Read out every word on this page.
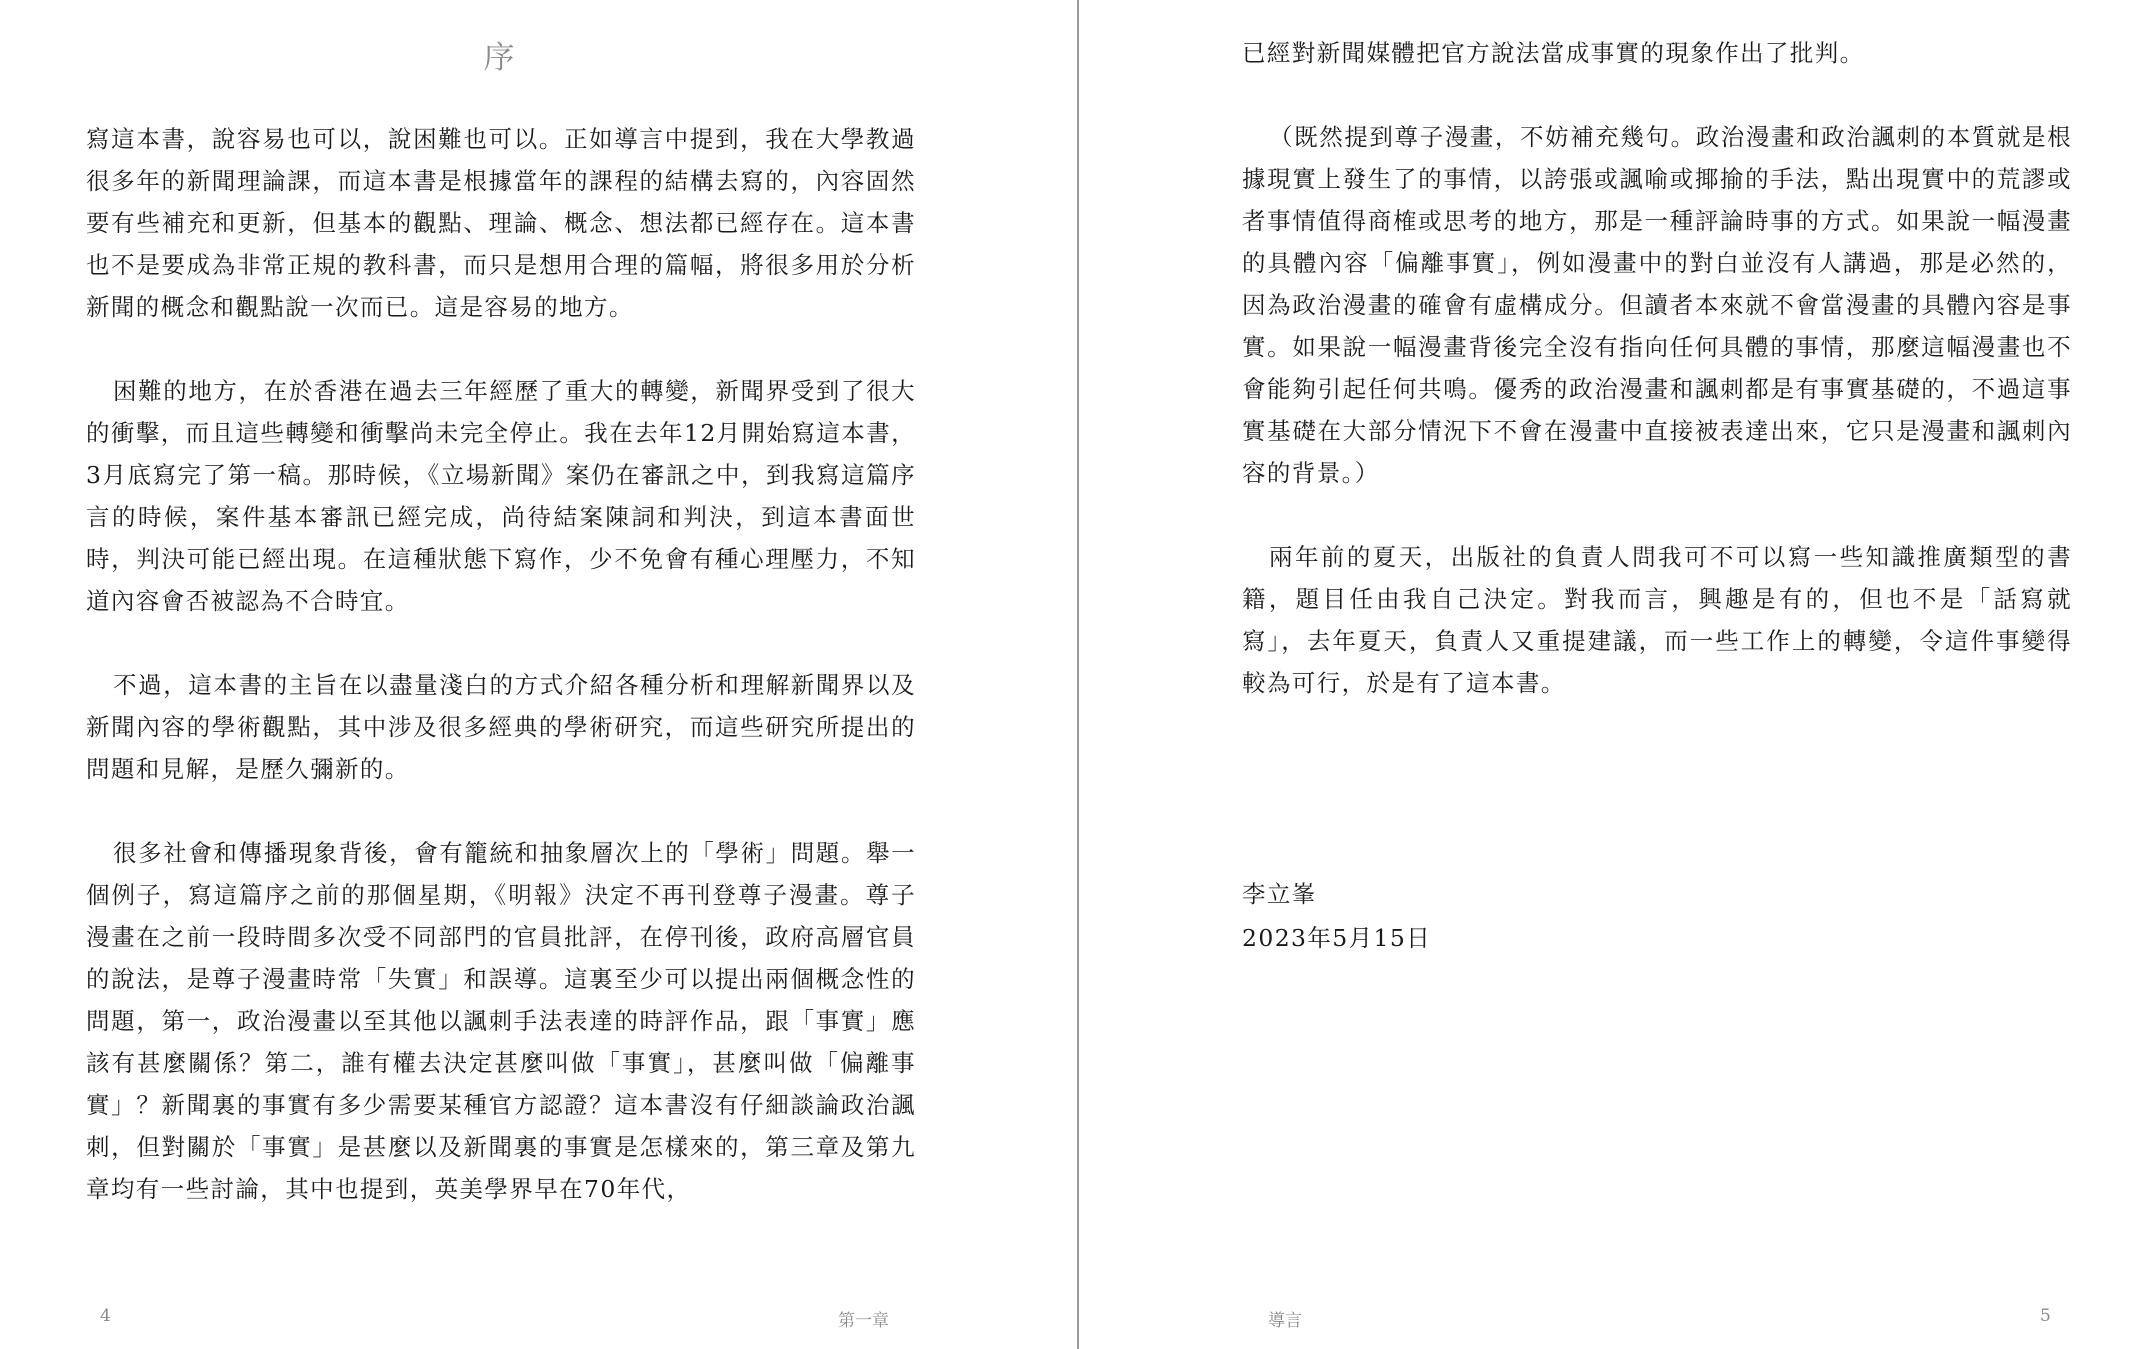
序

寫這本書，說容易也可以，說困難也可以。正如導言中提到，我在大學教過很多年的新聞理論課，而這本書是根據當年的課程的結構去寫的，內容固然要有些補充和更新，但基本的觀點、理論、概念、想法都已經存在。這本書也不是要成為非常正規的教科書，而只是想用合理的篇幅，將很多用於分析新聞的概念和觀點說一次而已。這是容易的地方。

困難的地方，在於香港在過去三年經歷了重大的轉變，新聞界受到了很大的衝擊，而且這些轉變和衝擊尚未完全停止。我在去年12月開始寫這本書，3月底寫完了第一稿。那時候，《立場新聞》案仍在審訊之中，到我寫這篇序言的時候，案件基本審訊已經完成，尚待結案陳詞和判決，到這本書面世時，判決可能已經出現。在這種狀態下寫作，少不免會有種心理壓力，不知道內容會否被認為不合時宜。

不過，這本書的主旨在以盡量淺白的方式介紹各種分析和理解新聞界以及新聞內容的學術觀點，其中涉及很多經典的學術研究，而這些研究所提出的問題和見解，是歷久彌新的。

很多社會和傳播現象背後，會有籠統和抽象層次上的「學術」問題。舉一個例子，寫這篇序之前的那個星期，《明報》決定不再刊登尊子漫畫。尊子漫畫在之前一段時間多次受不同部門的官員批評，在停刊後，政府高層官員的說法，是尊子漫畫時常「失實」和誤導。這裏至少可以提出兩個概念性的問題，第一，政治漫畫以至其他以諷刺手法表達的時評作品，跟「事實」應該有甚麼關係？第二，誰有權去決定甚麼叫做「事實」，甚麼叫做「偏離事實」？新聞裏的事實有多少需要某種官方認證？這本書沒有仔細談論政治諷刺，但對關於「事實」是甚麼以及新聞裏的事實是怎樣來的，第三章及第九章均有一些討論，其中也提到，英美學界早在70年代，

4	第一章

已經對新聞媒體把官方說法當成事實的現象作出了批判。

（既然提到尊子漫畫，不妨補充幾句。政治漫畫和政治諷刺的本質就是根據現實上發生了的事情，以誇張或諷喻或揶揄的手法，點出現實中的荒謬或者事情值得商榷或思考的地方，那是一種評論時事的方式。如果說一幅漫畫的具體內容「偏離事實」，例如漫畫中的對白並沒有人講過，那是必然的，因為政治漫畫的確會有虛構成分。但讀者本來就不會當漫畫的具體內容是事實。如果說一幅漫畫背後完全沒有指向任何具體的事情，那麼這幅漫畫也不會能夠引起任何共鳴。優秀的政治漫畫和諷刺都是有事實基礎的，不過這事實基礎在大部分情況下不會在漫畫中直接被表達出來，它只是漫畫和諷刺內容的背景。）

兩年前的夏天，出版社的負責人問我可不可以寫一些知識推廣類型的書籍，題目任由我自己決定。對我而言，興趣是有的，但也不是「話寫就寫」，去年夏天，負責人又重提建議，而一些工作上的轉變，令這件事變得較為可行，於是有了這本書。

李立峯
2023年5月15日
導言	5
